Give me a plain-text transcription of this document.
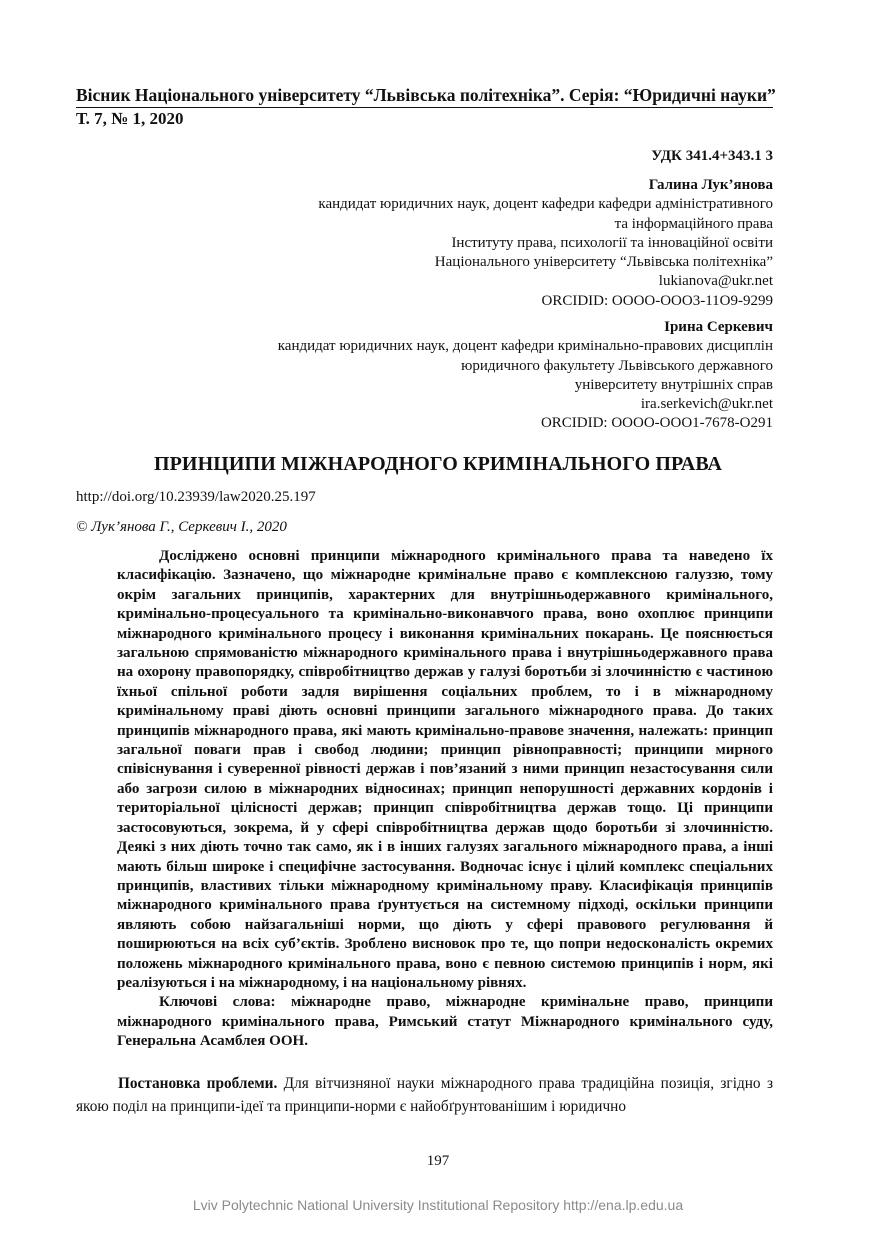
Вісник Національного університету “Львівська політехніка”. Серія: “Юридичні науки”
Т. 7, № 1, 2020
УДК 341.4+343.1 3
Галина Лук’янова
кандидат юридичних наук, доцент кафедри кафедри адміністративного
та інформаційного права
Інституту права, психології та інноваційної освіти
Національного університету “Львівська політехніка”
lukianova@ukr.net
ORCIDID: OOOO-OOO3-11O9-9299
Ірина Серкевич
кандидат юридичних наук, доцент кафедри кримінально-правових дисциплін
юридичного факультету Львівського державного
університету внутрішніх справ
ira.serkevich@ukr.net
ORCIDID: OOOO-OOO1-7678-O291
ПРИНЦИПИ МІЖНАРОДНОГО КРИМІНАЛЬНОГО ПРАВА
http://doi.org/10.23939/law2020.25.197
© Лук’янова Г., Серкевич І., 2020

Досліджено основні принципи міжнародного кримінального права та наведено їх класифікацію. Зазначено, що міжнародне кримінальне право є комплексною галуззю, тому окрім загальних принципів, характерних для внутрішньодержавного кримінального, кримінально-процесуального та кримінально-виконавчого права, воно охоплює принципи міжнародного кримінального процесу і виконання кримінальних покарань. Це пояснюється загальною спрямованістю міжнародного кримінального права і внутрішньодержавного права на охорону правопорядку, співробітництво держав у галузі боротьби зі злочинністю є частиною їхньої спільної роботи задля вирішення соціальних проблем, то і в міжнародному кримінальному праві діють основні принципи загального міжнародного права. До таких принципів міжнародного права, які мають кримінально-правове значення, належать: принцип загальної поваги прав і свобод людини; принцип рівноправності; принципи мирного співіснування і суверенної рівності держав і пов’язаний з ними принцип незастосування сили або загрози силою в міжнародних відносинах; принцип непорушності державних кордонів і територіальної цілісності держав; принцип співробітництва держав тощо. Ці принципи застосовуються, зокрема, й у сфері співробітництва держав щодо боротьби зі злочинністю. Деякі з них діють точно так само, як і в інших галузях загального міжнародного права, а інші мають більш широке і специфічне застосування. Водночас існує і цілий комплекс спеціальних принципів, властивих тільки міжнародному кримінальному праву. Класифікація принципів міжнародного кримінального права ґрунтується на системному підході, оскільки принципи являють собою найзагальніші норми, що діють у сфері правового регулювання й поширюються на всіх суб’єктів. Зроблено висновок про те, що попри недосконалість окремих положень міжнародного кримінального права, воно є певною системою принципів і норм, які реалізуються і на міжнародному, і на національному рівнях.

Ключові слова: міжнародне право, міжнародне кримінальне право, принципи міжнародного кримінального права, Римський статут Міжнародного кримінального суду, Генеральна Асамблея ООН.

Постановка проблеми. Для вітчизняної науки міжнародного права традиційна позиція, згідно з якою поділ на принципи-ідеї та принципи-норми є найобґрунтованішим і юридично

197
Lviv Polytechnic National University Institutional Repository http://ena.lp.edu.ua
